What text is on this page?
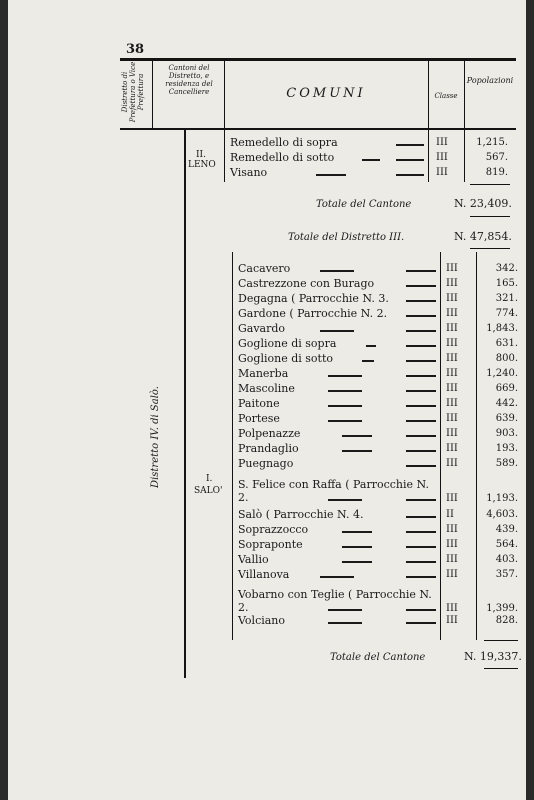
38
Distretto di Prefettura o Vice Prefettura
Cantoni del Distretto, e residenza del Cancelliere	COMUNI	Classe
Popolazioni
II.
LENO
Remedello di sopra	III	1,215.
Remedello di sotto	III	567.
Visano	III	819.
Totale del Cantone	N. 23,409.
Totale del Distretto III.	N. 47,854.
Distretto IV. di Salò.	I.
SALO'
Cacavero	III	342.
Castrezzone con Burago	III	165.
Degagna ( Parrocchie N. 3.	III	321.
Gardone ( Parrocchie N. 2.	III	774.
Gavardo	III	1,843.
Goglione di sopra	III	631.
Goglione di sotto	III	800.
Manerba	III	1,240.
Mascoline	III	669.
Paitone	III	442.
Portese	III	639.
Polpenazze	III	903.
Prandaglio	III	193.
Puegnago	III	589.
S. Felice con Raffa ( Parrocchie N. 2.	III	1,193.
Salò ( Parrocchie N. 4.	II	4,603.
Soprazzocco	III	439.
Sopraponte	III	564.
Vallio	III	403.
Villanova	III	357.
Vobarno con Teglie ( Parrocchie N. 2.	III	1,399.
Volciano	III	828.
Totale del Cantone	N. 19,337.
